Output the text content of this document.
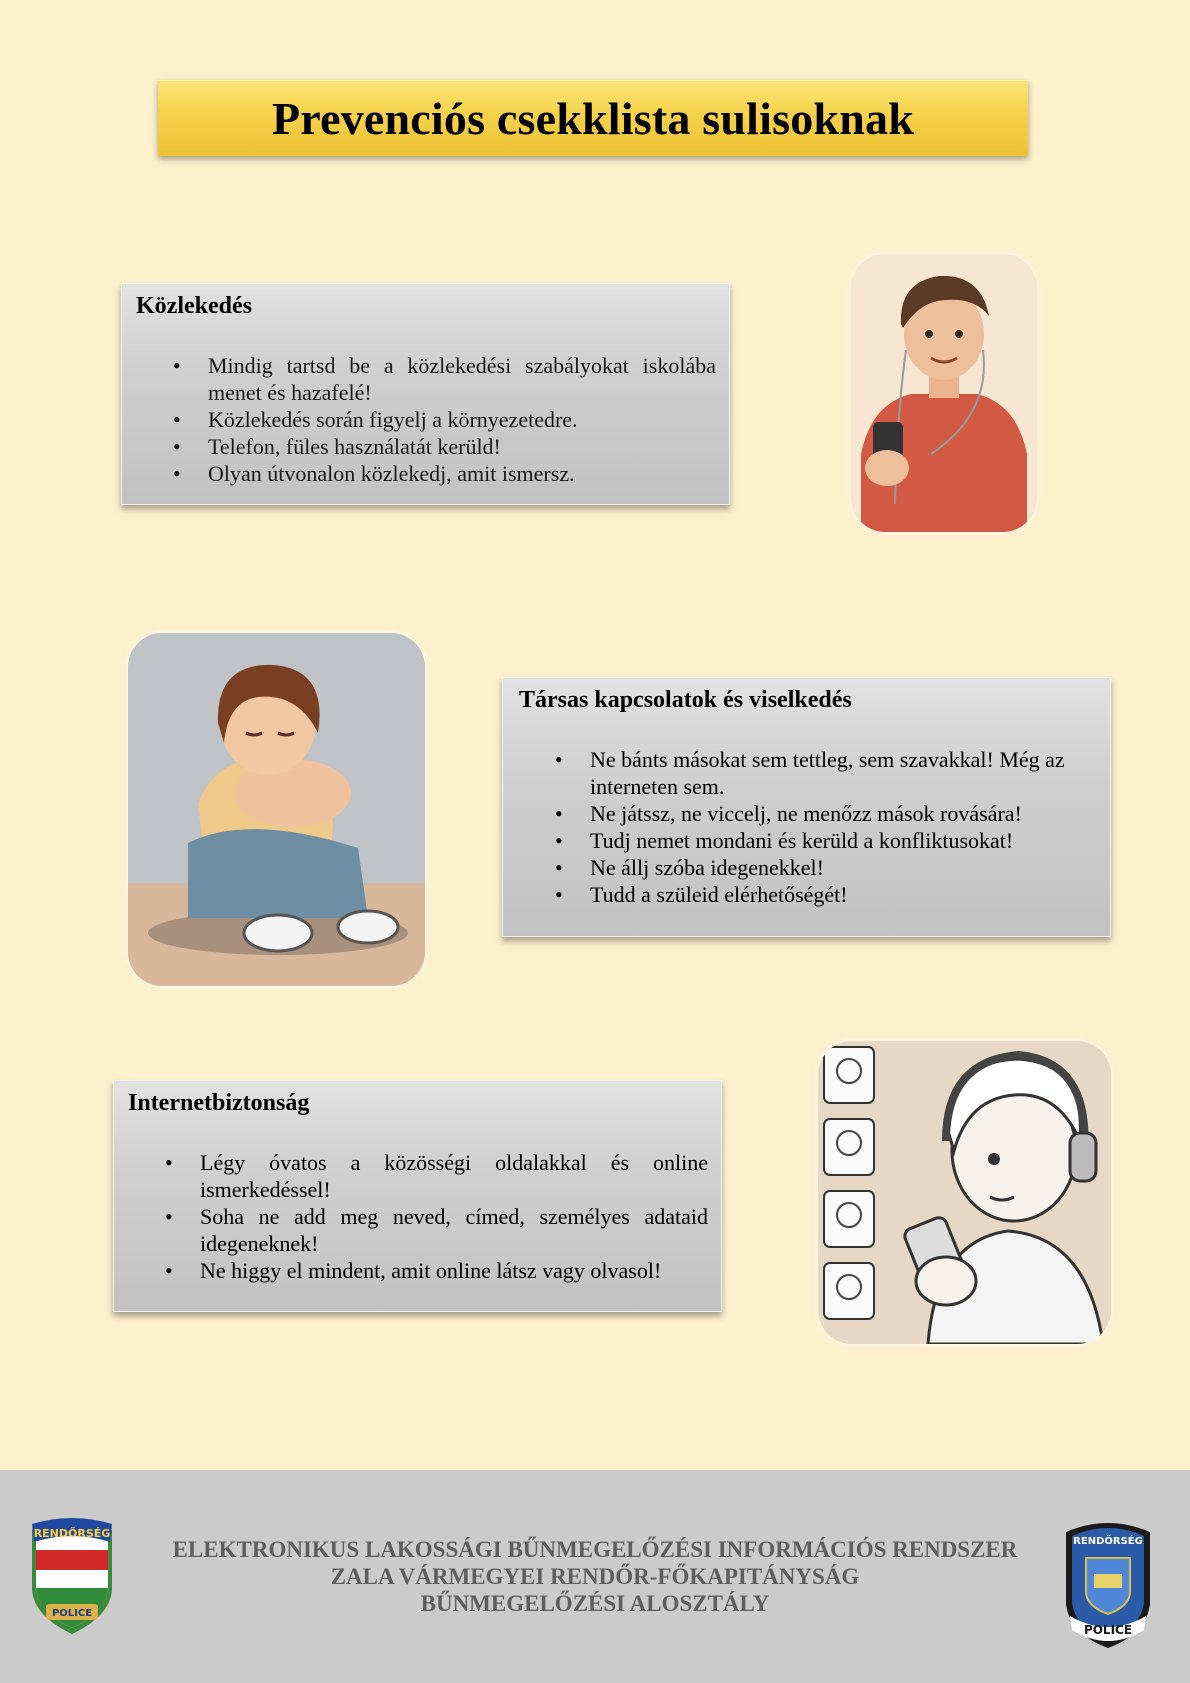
Prevenciós csekklista sulisoknak
Közlekedés
• Mindig tartsd be a közlekedési szabályokat iskolába menet és hazafelé!
• Közlekedés során figyelj a környezetedre.
• Telefon, füles használatát kerüld!
• Olyan útvonalon közlekedj, amit ismersz.
Társas kapcsolatok és viselkedés
• Ne bánts másokat sem tettleg, sem szavakkal! Még az interneten sem.
• Ne játssz, ne viccelj, ne menőzz mások rovására!
• Tudj nemet mondani és kerüld a konfliktusokat!
• Ne állj szóba idegenekkel!
• Tudd a szüleid elérhetőségét!
Internetbiztonság
• Légy óvatos a közösségi oldalakkal és online ismerkedéssel!
• Soha ne add meg neved, címed, személyes adataid idegeneknek!
• Ne higgy el mindent, amit online látsz vagy olvasol!
RENDŐRSÉG
POLICE
ELEKTRONIKUS LAKOSSÁGI BŰNMEGELŐZÉSI INFORMÁCIÓS RENDSZER
ZALA VÁRMEGYEI RENDŐR-FŐKAPITÁNYSÁG
BŰNMEGELŐZÉSI ALOSZTÁLY
RENDŐRSÉG
POLICE
